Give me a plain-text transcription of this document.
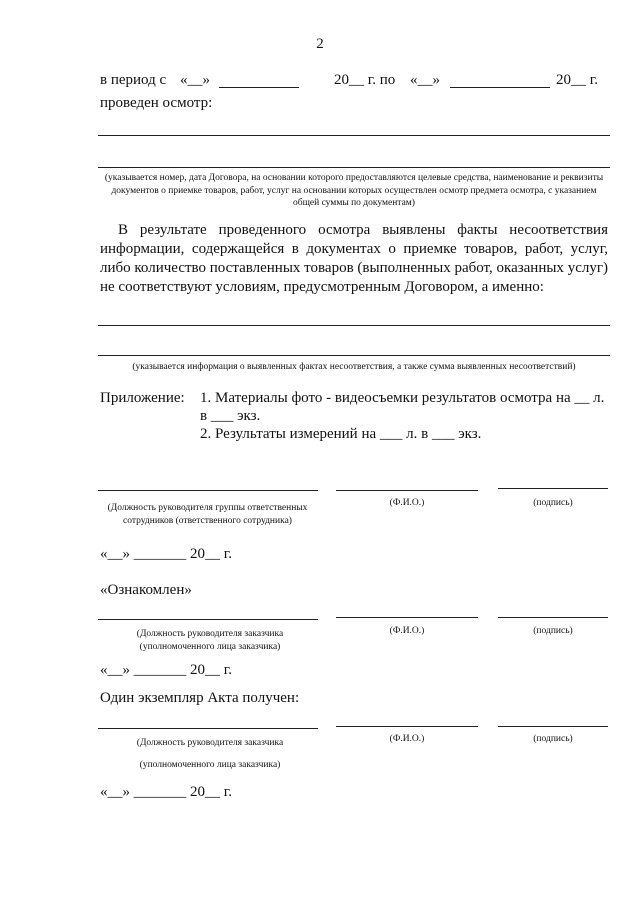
2
в период с «__»	20__ г. по «__»	20__ г.
проведен осмотр:
(указывается номер, дата Договора, на основании которого предоставляются целевые средства, наименование и реквизиты документов о приемке товаров, работ, услуг на основании которых осуществлен осмотр предмета осмотра, с указанием общей суммы по документам)
В результате проведенного осмотра выявлены факты несоответствия информации, содержащейся в документах о приемке товаров, работ, услуг, либо количество поставленных товаров (выполненных работ, оказанных услуг) не соответствуют условиям, предусмотренным Договором, а именно:
(указывается информация о выявленных фактах несоответствия, а также сумма выявленных несоответствий)
Приложение: 1. Материалы фото - видеосъемки результатов осмотра на __ л.
в ___ экз.
2. Результаты измерений на ___ л. в ___ экз.
(Должность руководителя группы ответственных сотрудников (ответственного сотрудника)
(Ф.И.О.)	(подпись)
«__» _______ 20__ г.
«Ознакомлен»
(Должность руководителя заказчика (уполномоченного лица заказчика)
(Ф.И.О.)	(подпись)
«__» _______ 20__ г.
Один экземпляр Акта получен:
(Должность руководителя заказчика
(уполномоченного лица заказчика)
(Ф.И.О.)	(подпись)
«__» _______ 20__ г.
